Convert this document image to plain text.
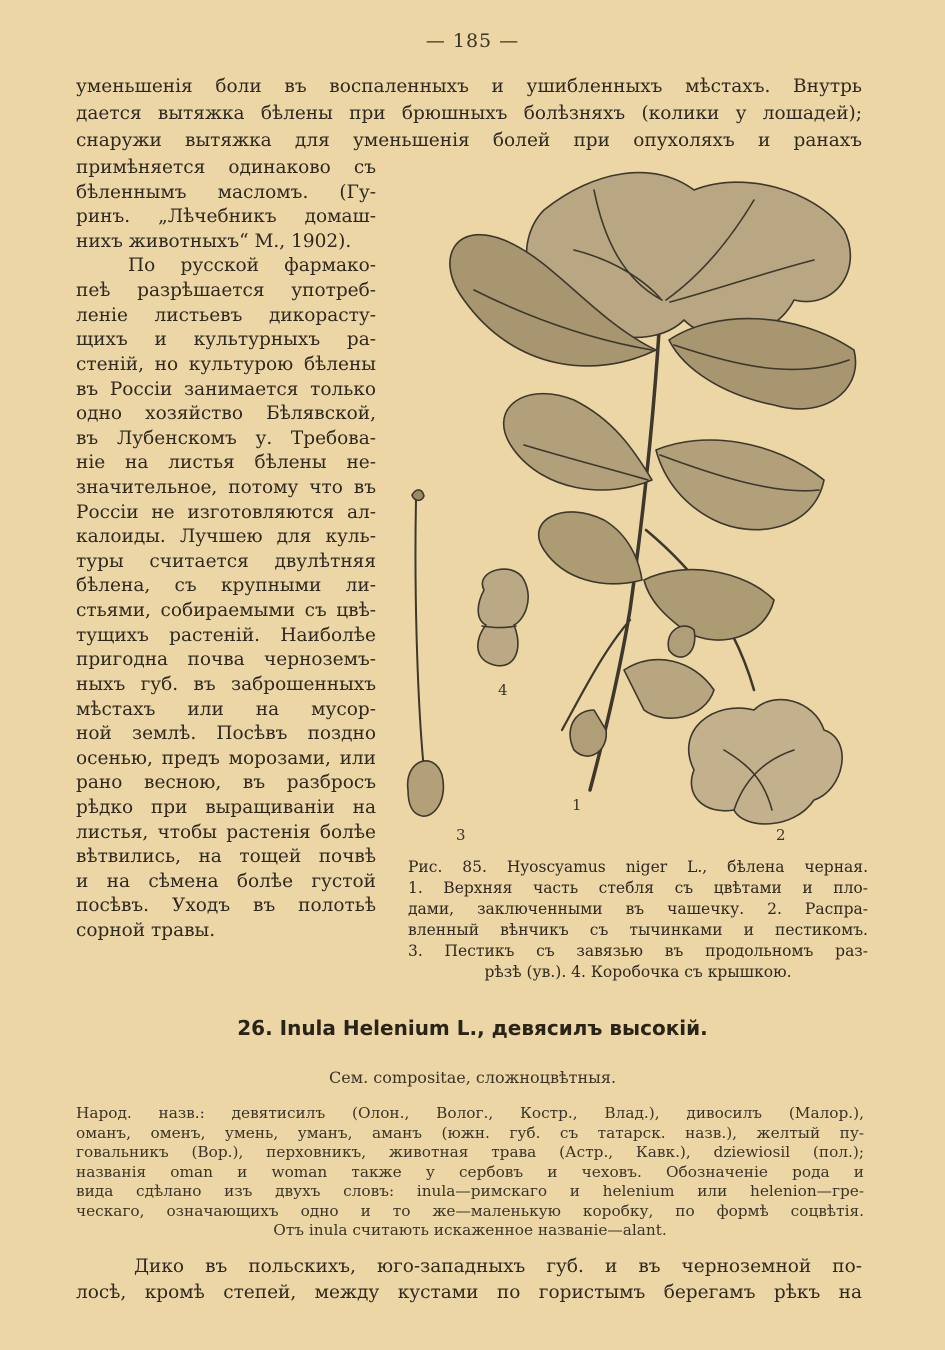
— 185 —
уменьшенія боли въ воспаленныхъ и ушибленныхъ мѣстахъ. Внутрь
дается вытяжка бѣлены при брюшныхъ болѣзняхъ (колики у лошадей);
снаружи вытяжка для уменьшенія болей при опухоляхъ и ранахъ
примѣняется одинаково съ
бѣленнымъ масломъ. (Гу-
ринъ. „Лѣчебникъ домаш-
нихъ животныхъ“ М., 1902).
По русской фармако-
пеѣ разрѣшается употреб-
леніе листьевъ дикорасту-
щихъ и культурныхъ ра-
стеній, но культурою бѣлены
въ Россіи занимается только
одно хозяйство Бѣлявской,
въ Лубенскомъ у. Требова-
ніе на листья бѣлены не-
значительное, потому что въ
Россіи не изготовляются ал-
калоиды. Лучшею для куль-
туры считается двулѣтняя
бѣлена, съ крупными ли-
стьями, собираемыми съ цвѣ-
тущихъ растеній. Наиболѣе
пригодна почва черноземъ-
ныхъ губ. въ заброшенныхъ
мѣстахъ или на мусор-
ной землѣ. Посѣвъ поздно
осенью, предъ морозами, или
рано весною, въ разбросъ
рѣдко при выращиваніи на
листья, чтобы растенія болѣе
вѣтвились, на тощей почвѣ
и на сѣмена болѣе густой
посѣвъ. Уходъ въ полотьѣ
сорной травы.
1
2
3
4
Рис. 85. Hyoscyamus niger L., бѣлена черная.
1. Верхняя часть стебля съ цвѣтами и пло-
дами, заключенными въ чашечку. 2. Распра-
вленный вѣнчикъ съ тычинками и пестикомъ.
3. Пестикъ съ завязью въ продольномъ раз-
рѣзѣ (ув.). 4. Коробочка съ крышкою.
26. Inula Helenium L., девясилъ высокій.
Сем. compositae, сложноцвѣтныя.
Народ. назв.: девятисилъ (Олон., Волог., Костр., Влад.), дивосилъ (Малор.),
оманъ, оменъ, умень, уманъ, аманъ (южн. губ. съ татарск. назв.), желтый пу-
говальникъ (Вор.), перховникъ, животная трава (Астр., Кавк.), dziewiosil (пол.);
названія oman и woman также у сербовъ и чеховъ. Обозначеніе рода и
вида сдѣлано изъ двухъ словъ: inula—римскаго и helenium или helenion—гре-
ческаго, означающихъ одно и то же—маленькую коробку, по формѣ соцвѣтія.
Отъ inula считають искаженное названіе—alant.
Дико въ польскихъ, юго-западныхъ губ. и въ черноземной по-
лосѣ, кромѣ степей, между кустами по гористымъ берегамъ рѣкъ на
